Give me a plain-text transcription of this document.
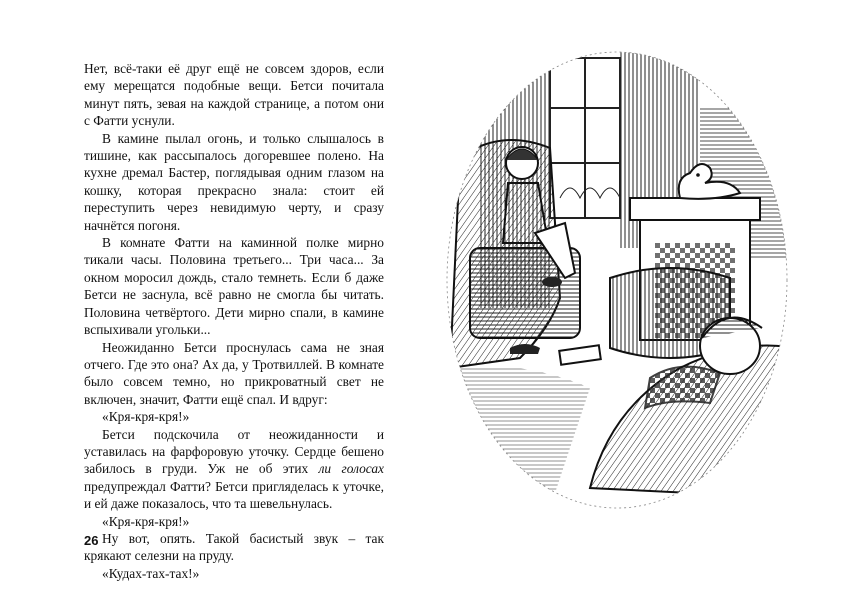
Нет, всё-таки её друг ещё не совсем здоров, если ему мерещатся подобные вещи. Бетси почитала минут пять, зевая на каждой странице, а потом они с Фатти уснули.

В камине пылал огонь, и только слышалось в тишине, как рассыпалось догоревшее полено. На кухне дремал Бастер, поглядывая одним глазом на кошку, которая прекрасно знала: стоит ей переступить через невидимую черту, и сразу начнётся погоня.

В комнате Фатти на каминной полке мирно тикали часы. Половина третьего... Три часа... За окном моросил дождь, стало темнеть. Если б даже Бетси не заснула, всё равно не смогла бы читать. Половина четвёртого. Дети мирно спали, в камине вспыхивали угольки...

Неожиданно Бетси проснулась сама не зная отчего. Где это она? Ах да, у Тротвиллей. В комнате было совсем темно, но прикроватный свет не включен, значит, Фатти ещё спал. И вдруг:

«Кря-кря-кря!»

Бетси подскочила от неожиданности и уставилась на фарфоровую уточку. Сердце бешено забилось в груди. Уж не об этих ли голосах предупреждал Фатти? Бетси пригляделась к уточке, и ей даже показалось, что та шевельнулась.

«Кря-кря-кря!»

Ну вот, опять. Такой басистый звук – так крякают селезни на пруду.

«Кудах-тах-тах!»

26
